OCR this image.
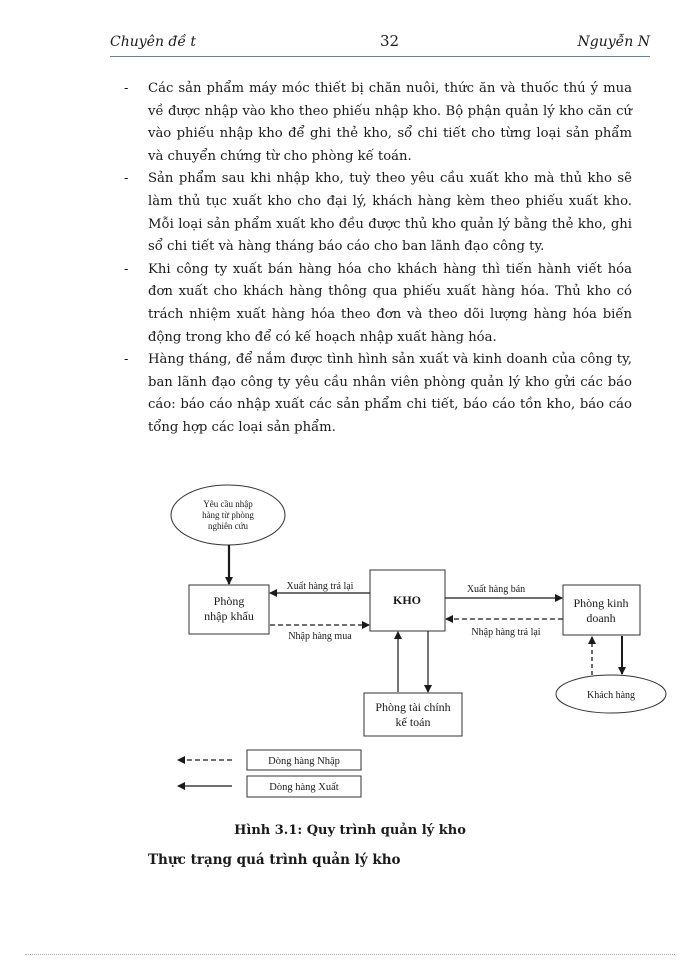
Chuyên đề t	32	Nguyễn N
- Các sản phẩm máy móc thiết bị chăn nuôi, thức ăn và thuốc thú ý mua về được nhập vào kho theo phiếu nhập kho. Bộ phận quản lý kho căn cứ vào phiếu nhập kho để ghi thẻ kho, sổ chi tiết cho từng loại sản phẩm và chuyển chứng từ cho phòng kế toán.
- Sản phẩm sau khi nhập kho, tuỳ theo yêu cầu xuất kho mà thủ kho sẽ làm thủ tục xuất kho cho đại lý, khách hàng kèm theo phiếu xuất kho. Mỗi loại sản phẩm xuất kho đều được thủ kho quản lý bằng thẻ kho, ghi sổ chi tiết và hàng tháng báo cáo cho ban lãnh đạo công ty.
- Khi công ty xuất bán hàng hóa cho khách hàng thì tiến hành viết hóa đơn xuất cho khách hàng thông qua phiếu xuất hàng hóa. Thủ kho có trách nhiệm xuất hàng hóa theo đơn và theo dõi lượng hàng hóa biến động trong kho để có kế hoạch nhập xuất hàng hóa.
- Hàng tháng, để nắm được tình hình sản xuất và kinh doanh của công ty, ban lãnh đạo công ty yêu cầu nhân viên phòng quản lý kho gửi các báo cáo: báo cáo nhập xuất các sản phẩm chi tiết, báo cáo tồn kho, báo cáo tổng hợp các loại sản phẩm.
Yêu cầu nhập
hàng từ phòng
nghiên cứu
Phòng
nhập khẩu
KHO	Phòng kinh
doanh
Phòng tài chính
kế toán
Khách hàng
Xuất hàng trả lại
Nhập hàng mua
Xuất hàng bán
Nhập hàng trả lại
Dòng hàng Nhập
Dòng hàng Xuất
Hình 3.1: Quy trình quản lý kho
Thực trạng quá trình quản lý kho
